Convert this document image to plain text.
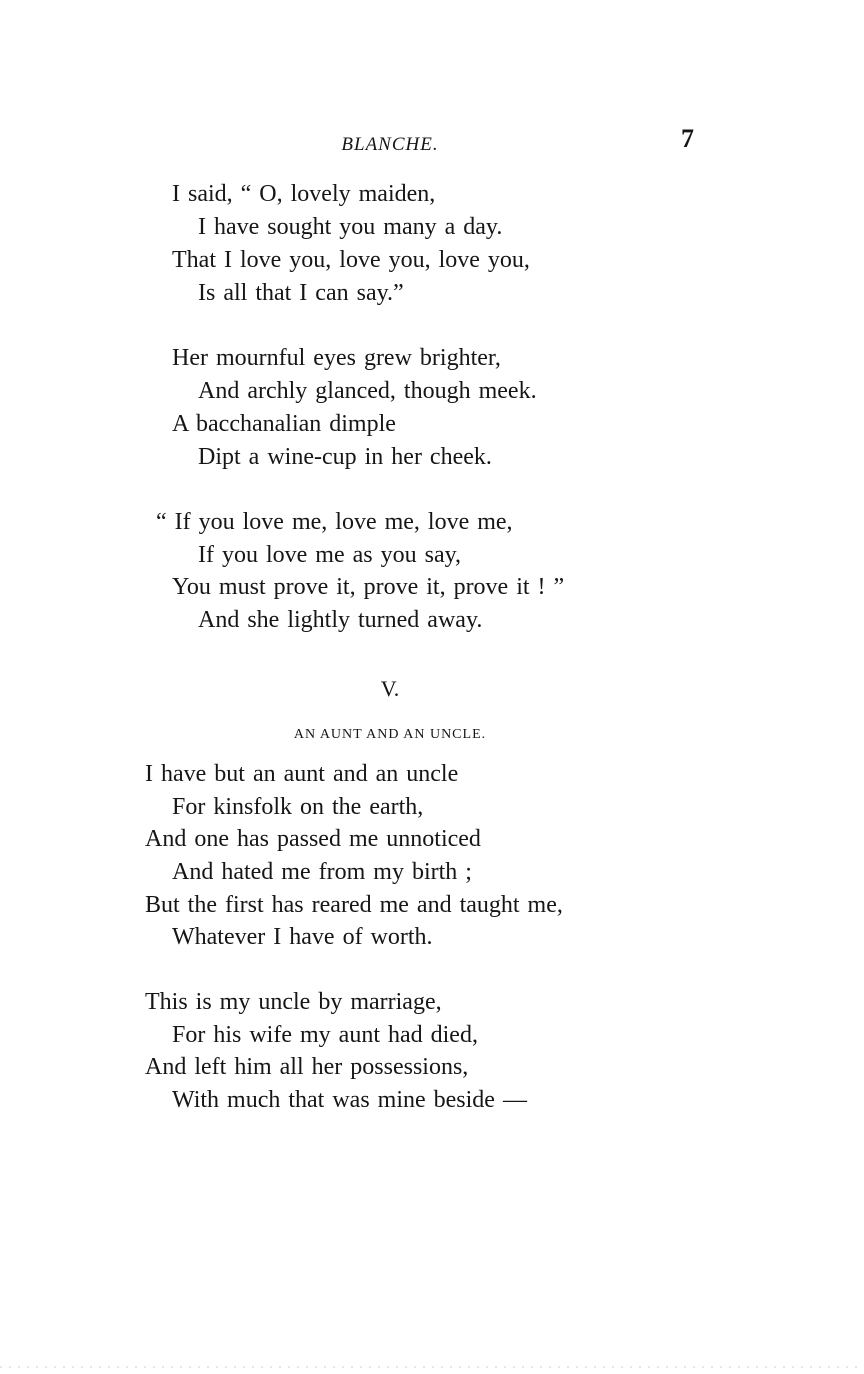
BLANCHE.	7
I said, “ O, lovely maiden,
I have sought you many a day.
That I love you, love you, love you,
Is all that I can say.”
Her mournful eyes grew brighter,
And archly glanced, though meek.
A bacchanalian dimple
Dipt a wine-cup in her cheek.
“ If you love me, love me, love me,
If you love me as you say,
You must prove it, prove it, prove it ! ”
And she lightly turned away.
V.
AN AUNT AND AN UNCLE.
I have but an aunt and an uncle
For kinsfolk on the earth,
And one has passed me unnoticed
And hated me from my birth ;
But the first has reared me and taught me,
Whatever I have of worth.
This is my uncle by marriage,
For his wife my aunt had died,
And left him all her possessions,
With much that was mine beside —
